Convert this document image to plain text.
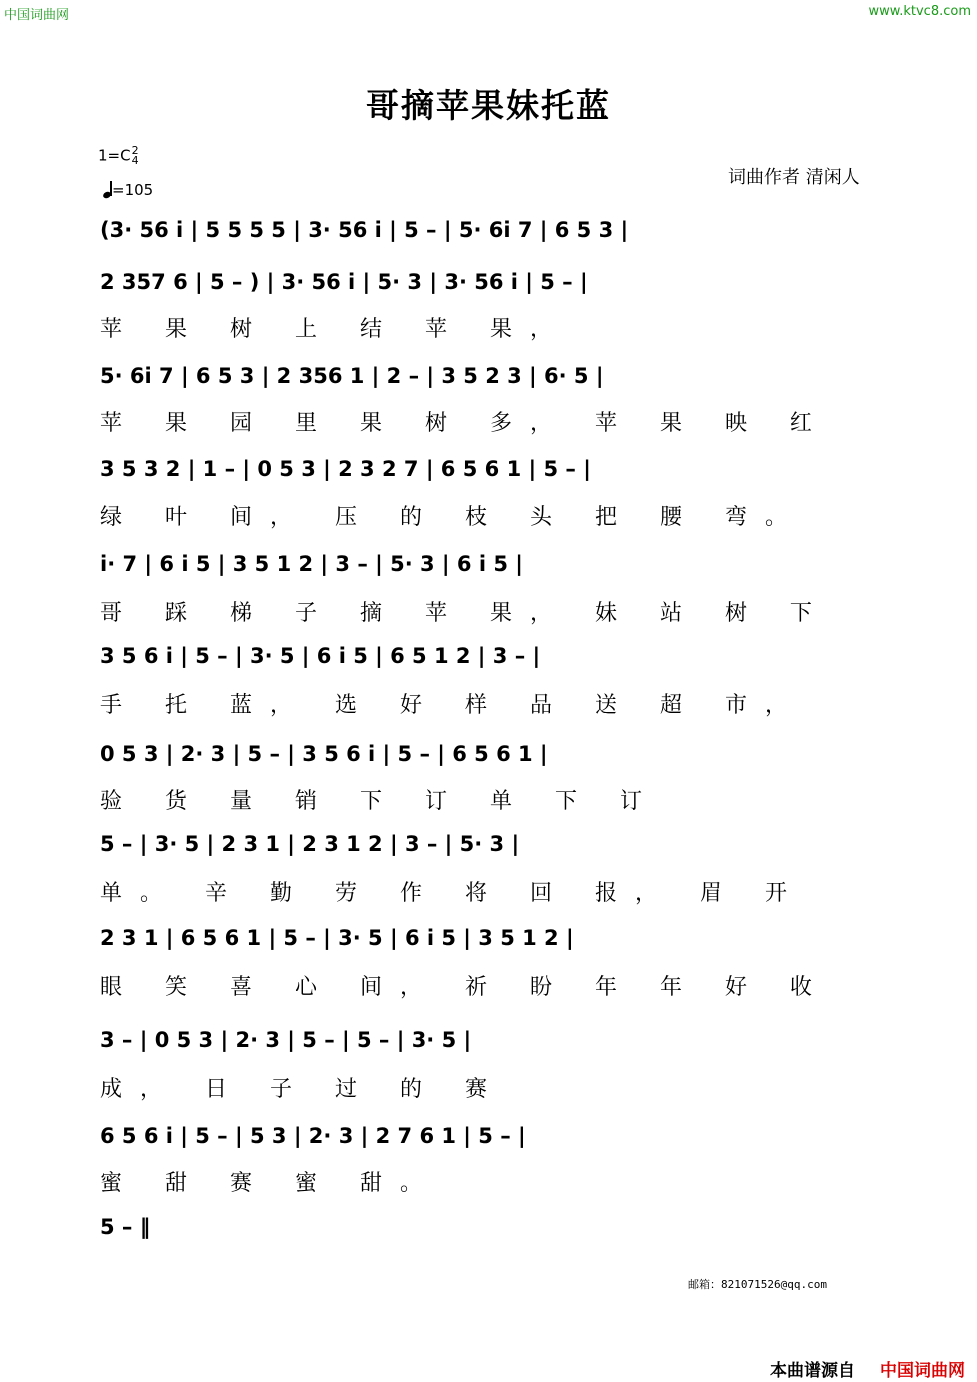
中国词曲网	www.ktvc8.com
哥摘苹果妹托蓝
1=C2
4
=105
词曲作者 清闲人
(3· 56 i | 5 5 5 5 | 3· 56 i | 5 – | 5· 6i 7 | 6 5 3 |
2 357 6 | 5 – ) | 3· 56 i | 5· 3 | 3· 56 i | 5 – |
苹 果 树 上 结 苹 果，
5· 6i 7 | 6 5 3 | 2 356 1 | 2 – | 3 5 2 3 | 6· 5 |
苹 果 园 里 果 树 多， 苹 果 映 红
3 5 3 2 | 1 – | 0 5 3 | 2 3 2 7 | 6 5 6 1 | 5 – |
绿 叶 间， 压 的 枝 头 把 腰 弯。
i· 7 | 6 i 5 | 3 5 1 2 | 3 – | 5· 3 | 6 i 5 |
哥 踩 梯 子 摘 苹 果， 妹 站 树 下
3 5 6 i | 5 – | 3· 5 | 6 i 5 | 6 5 1 2 | 3 – |
手 托 蓝， 选 好 样 品 送 超 市，
0 5 3 | 2· 3 | 5 – | 3 5 6 i | 5 – | 6 5 6 1 |
验 货 量 销 下 订 单 下 订
5 – | 3· 5 | 2 3 1 | 2 3 1 2 | 3 – | 5· 3 |
单。 辛 勤 劳 作 将 回 报， 眉 开
2 3 1 | 6 5 6 1 | 5 – | 3· 5 | 6 i 5 | 3 5 1 2 |
眼 笑 喜 心 间， 祈 盼 年 年 好 收
3 – | 0 5 3 | 2· 3 | 5 – | 5 – | 3· 5 |
成， 日 子 过 的 赛
6 5 6 i | 5 – | 5 3 | 2· 3 | 2 7 6 1 | 5 – |
蜜 甜 赛 蜜 甜。
5 – ‖
邮箱：821071526@qq.com
本曲谱源自 中国词曲网
